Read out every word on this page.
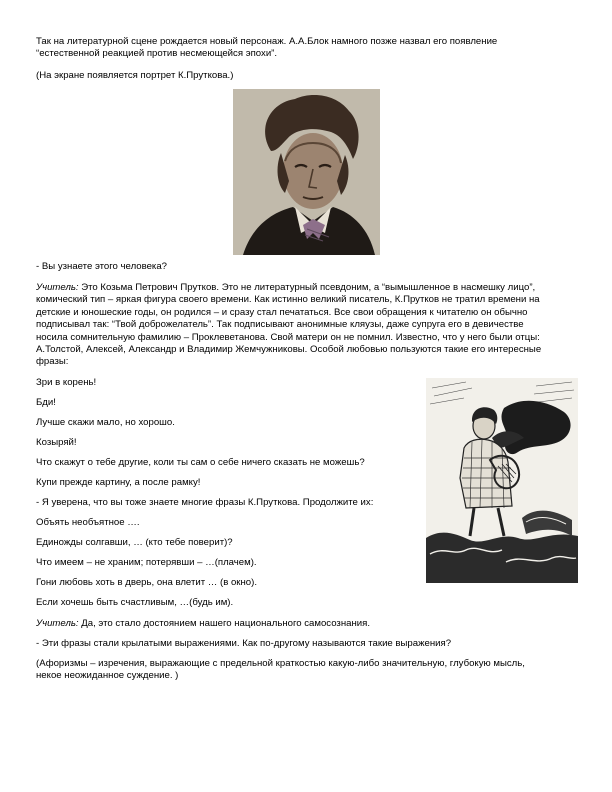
Так на литературной сцене рождается новый персонаж. А.А.Блок намного позже назвал его появление
“естественной реакцией против несмеющейся эпохи”.

(На экране появляется портрет К.Пруткова.)

- Вы узнаете этого человека?

Учитель: Это Козьма Петрович Прутков. Это не литературный псевдоним, а “вымышленное в насмешку лицо”,
комический тип – яркая фигура своего времени. Как истинно великий писатель, К.Прутков не тратил времени на
детские и юношеские годы, он родился – и сразу стал печататься. Все свои обращения к читателю он обычно
подписывал так: “Твой доброжелатель”. Так подписывают анонимные кляузы, даже супруга его в девичестве
носила сомнительную фамилию – Проклеветанова. Свой матери он не помнил. Известно, что у него были отцы:
А.Толстой, Алексей, Александр и Владимир Жемчужниковы. Особой любовью пользуются такие его интересные
фразы:

Зри в корень!

Бди!

Лучше скажи мало, но хорошо.

Козыряй!

Что скажут о тебе другие, коли ты сам о себе ничего сказать не можешь?

Купи прежде картину, а после рамку!

- Я уверена, что вы тоже знаете многие фразы К.Пруткова. Продолжите их:

Объять необъятное ….

Единожды солгавши, … (кто тебе поверит)?

Что имеем – не храним; потерявши – …(плачем).

Гони любовь хоть в дверь, она влетит … (в окно).

Если хочешь быть счастливым, …(будь им).

Учитель: Да, это стало достоянием нашего национального самосознания.

- Эти фразы стали крылатыми выражениями. Как по-другому называются такие выражения?

(Афоризмы – изречения, выражающие с предельной краткостью какую-либо значительную, глубокую мысль,
некое неожиданное суждение. )
